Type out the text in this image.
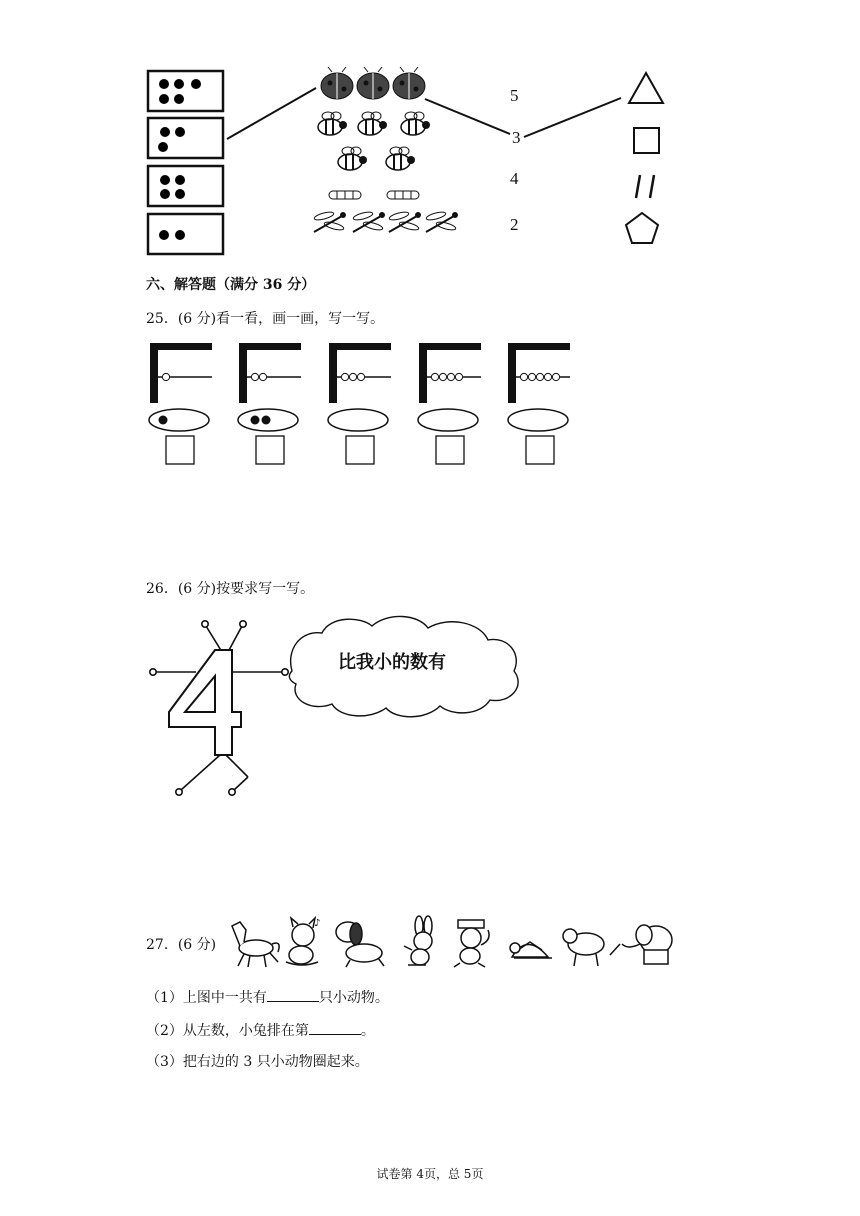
5
3
4
2
六、解答题（满分 36 分）
25．(6 分)看一看，画一画，写一写。
26．(6 分)按要求写一写。
比我小的数有
27．(6 分)
♪
（1）上图中一共有	只小动物。
（2）从左数，小兔排在第	。
（3）把右边的 3 只小动物圈起来。
试卷第 4页，总 5页
